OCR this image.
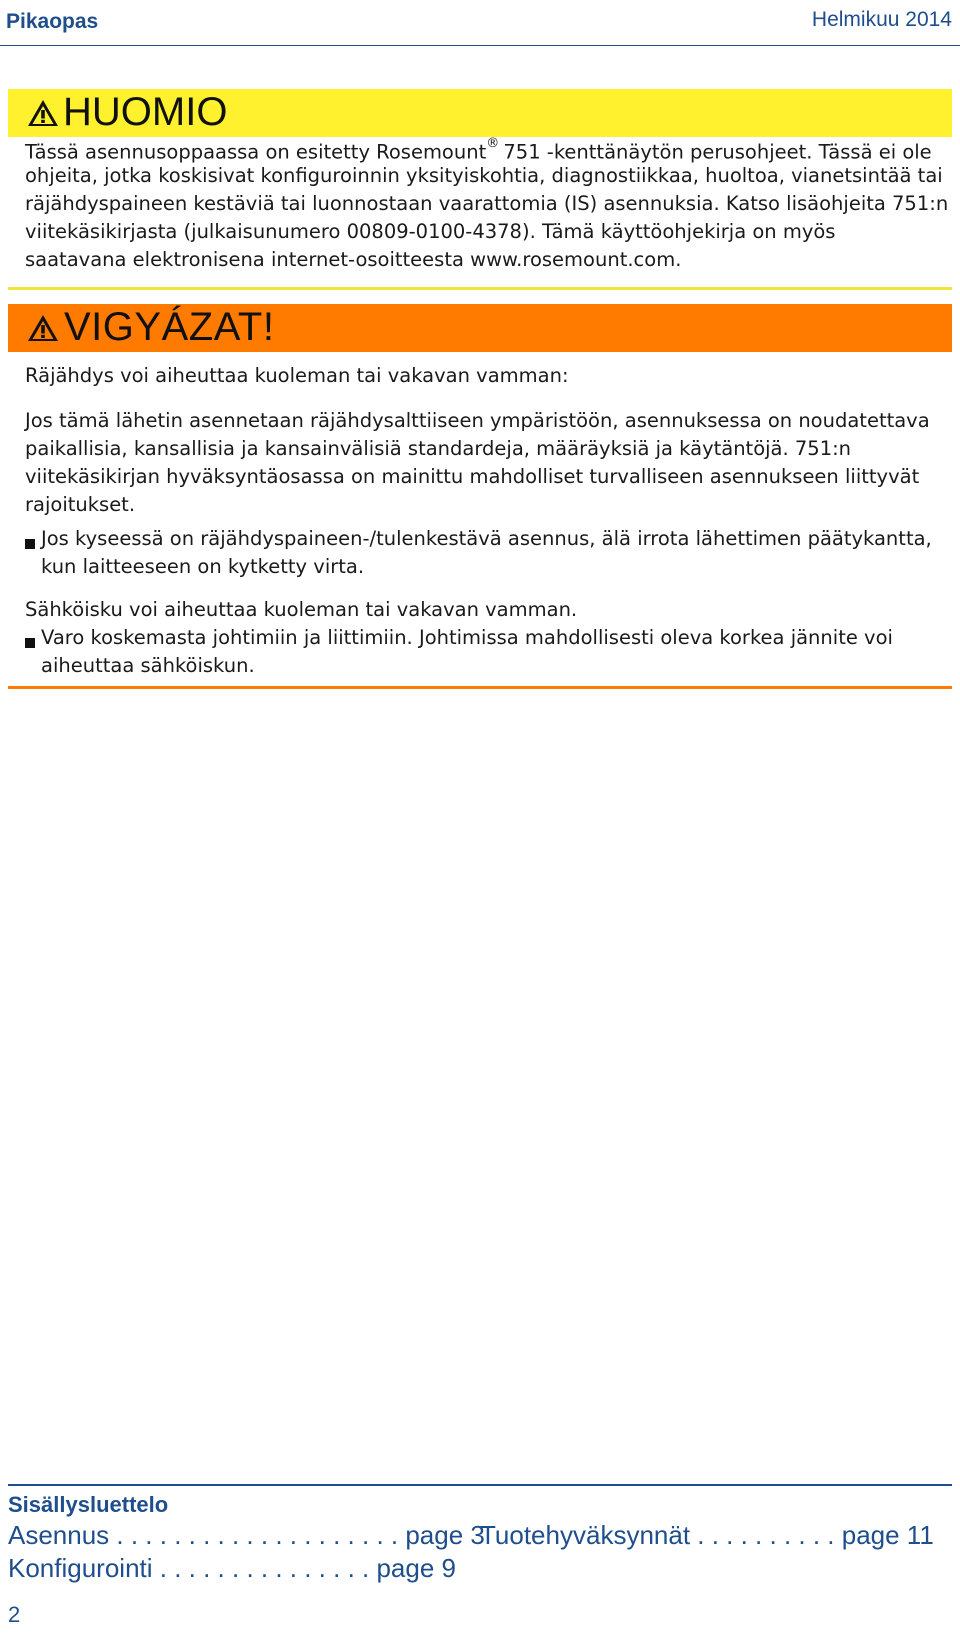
Pikaopas	Helmikuu 2014
HUOMIO
Tässä asennusoppaassa on esitetty Rosemount® 751 -kenttänäytön perusohjeet. Tässä ei ole
ohjeita, jotka koskisivat konfiguroinnin yksityiskohtia, diagnostiikkaa, huoltoa, vianetsintää tai
räjähdyspaineen kestäviä tai luonnostaan vaarattomia (IS) asennuksia. Katso lisäohjeita 751:n
viitekäsikirjasta (julkaisunumero 00809-0100-4378). Tämä käyttöohjekirja on myös
saatavana elektronisena internet-osoitteesta www.rosemount.com.
VIGYÁZAT!
Räjähdys voi aiheuttaa kuoleman tai vakavan vamman:
Jos tämä lähetin asennetaan räjähdysalttiiseen ympäristöön, asennuksessa on noudatettava
paikallisia, kansallisia ja kansainvälisiä standardeja, määräyksiä ja käytäntöjä. 751:n
viitekäsikirjan hyväksyntäosassa on mainittu mahdolliset turvalliseen asennukseen liittyvät
rajoitukset.
Jos kyseessä on räjähdyspaineen-/tulenkestävä asennus, älä irrota lähettimen päätykantta,
kun laitteeseen on kytketty virta.
Sähköisku voi aiheuttaa kuoleman tai vakavan vamman.
Varo koskemasta johtimiin ja liittimiin. Johtimissa mahdollisesti oleva korkea jännite voi
aiheuttaa sähköiskun.
Sisällysluettelo
Asennus . . . . . . . . . . . . . . . . . . . . page 3
Tuotehyväksynnät . . . . . . . . . . page 11
Konfigurointi . . . . . . . . . . . . . . . page 9
2
